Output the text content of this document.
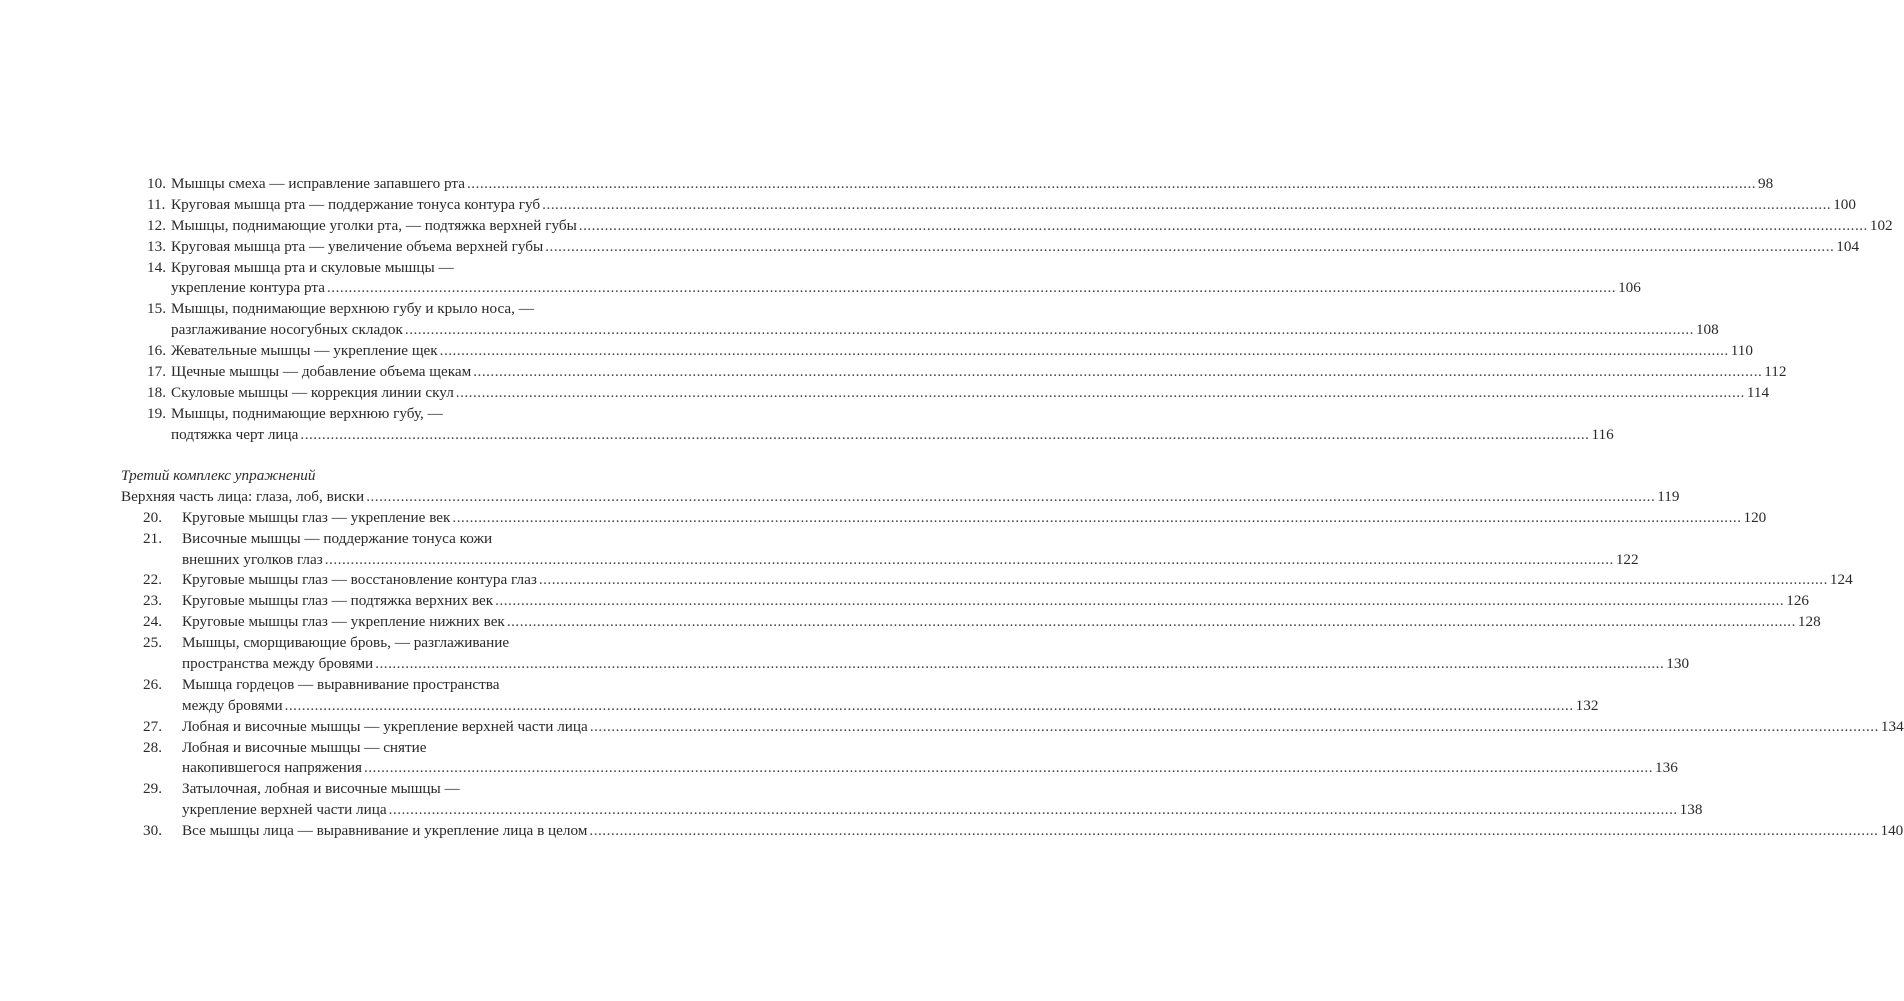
10. Мышцы смеха — исправление запавшего рта ............................................................................................................................................................................................................................................................................................................ 98
11. Круговая мышца рта — поддержание тонуса контура губ ............................................................................................................................................................................................................................................................................................................ 100
12. Мышцы, поднимающие уголки рта, — подтяжка верхней губы ............................................................................................................................................................................................................................................................................................................ 102
13. Круговая мышца рта — увеличение объема верхней губы ............................................................................................................................................................................................................................................................................................................ 104
14. Круговая мышца рта и скуловые мышцы —
укрепление контура рта ............................................................................................................................................................................................................................................................................................................ 106
15. Мышцы, поднимающие верхнюю губу и крыло носа, —
разглаживание носогубных складок ............................................................................................................................................................................................................................................................................................................ 108
16. Жевательные мышцы — укрепление щек ............................................................................................................................................................................................................................................................................................................ 110
17. Щечные мышцы — добавление объема щекам ............................................................................................................................................................................................................................................................................................................ 112
18. Скуловые мышцы — коррекция линии скул ............................................................................................................................................................................................................................................................................................................ 114
19. Мышцы, поднимающие верхнюю губу, —
подтяжка черт лица ............................................................................................................................................................................................................................................................................................................ 116
Третий комплекс упражнений
Верхняя часть лица: глаза, лоб, виски ............................................................................................................................................................................................................................................................................................................ 119
20. Круговые мышцы глаз — укрепление век ............................................................................................................................................................................................................................................................................................................ 120
21. Височные мышцы — поддержание тонуса кожи
внешних уголков глаз ............................................................................................................................................................................................................................................................................................................ 122
22. Круговые мышцы глаз — восстановление контура глаз ............................................................................................................................................................................................................................................................................................................ 124
23. Круговые мышцы глаз — подтяжка верхних век ............................................................................................................................................................................................................................................................................................................ 126
24. Круговые мышцы глаз — укрепление нижних век ............................................................................................................................................................................................................................................................................................................ 128
25. Мышцы, сморщивающие бровь, — разглаживание
пространства между бровями ............................................................................................................................................................................................................................................................................................................ 130
26. Мышца гордецов — выравнивание пространства
между бровями ............................................................................................................................................................................................................................................................................................................ 132
27. Лобная и височные мышцы — укрепление верхней части лица ............................................................................................................................................................................................................................................................................................................ 134
28. Лобная и височные мышцы — снятие
накопившегося напряжения ............................................................................................................................................................................................................................................................................................................ 136
29. Затылочная, лобная и височные мышцы —
укрепление верхней части лица ............................................................................................................................................................................................................................................................................................................ 138
30. Все мышцы лица — выравнивание и укрепление лица в целом ............................................................................................................................................................................................................................................................................................................ 140
